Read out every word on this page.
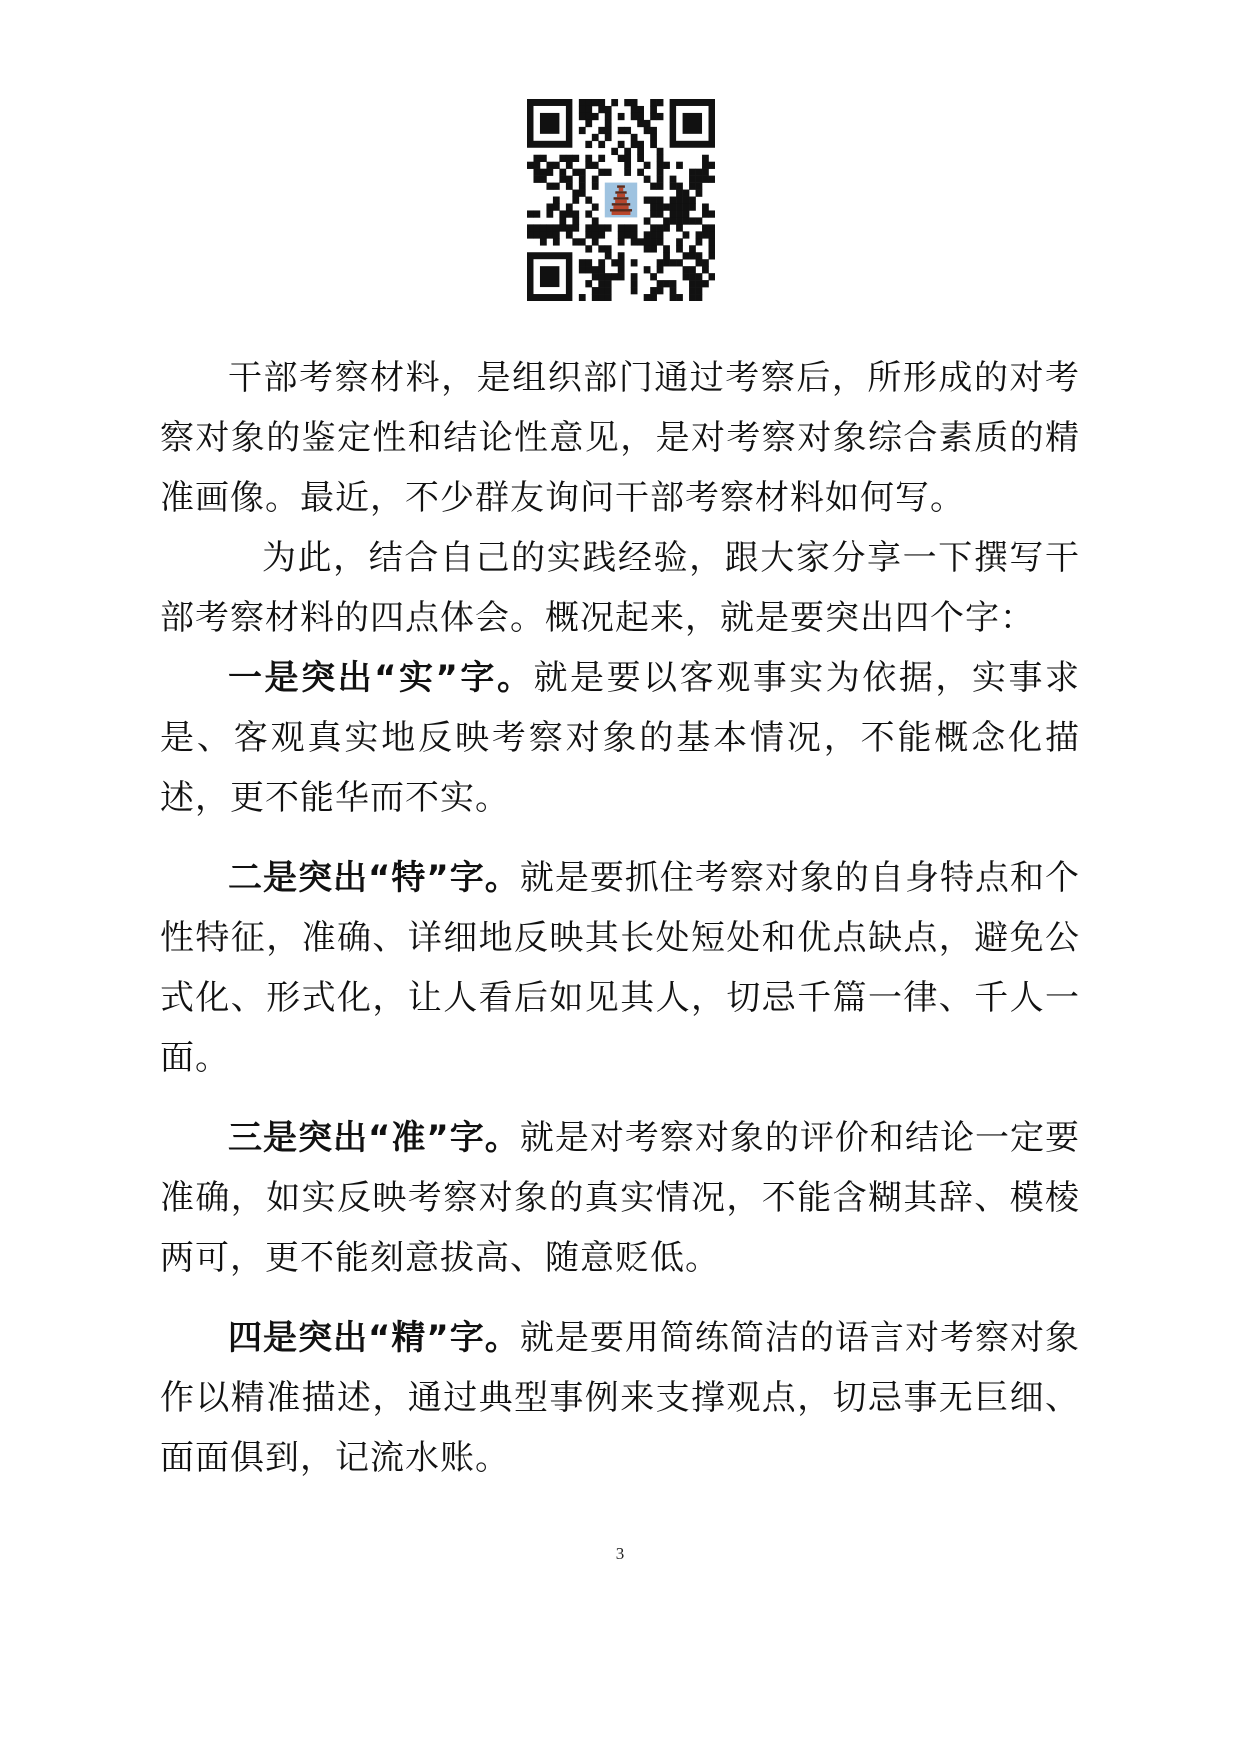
干部考察材料，是组织部门通过考察后，所形成的对考察对象的鉴定性和结论性意见，是对考察对象综合素质的精准画像。最近，不少群友询问干部考察材料如何写。

为此，结合自己的实践经验，跟大家分享一下撰写干部考察材料的四点体会。概况起来，就是要突出四个字：

一是突出“实”字。就是要以客观事实为依据，实事求是、客观真实地反映考察对象的基本情况，不能概念化描述，更不能华而不实。

二是突出“特”字。就是要抓住考察对象的自身特点和个性特征，准确、详细地反映其长处短处和优点缺点，避免公式化、形式化，让人看后如见其人，切忌千篇一律、千人一面。

三是突出“准”字。就是对考察对象的评价和结论一定要准确，如实反映考察对象的真实情况，不能含糊其辞、模棱两可，更不能刻意拔高、随意贬低。

四是突出“精”字。就是要用简练简洁的语言对考察对象作以精准描述，通过典型事例来支撑观点，切忌事无巨细、面面俱到，记流水账。

3
